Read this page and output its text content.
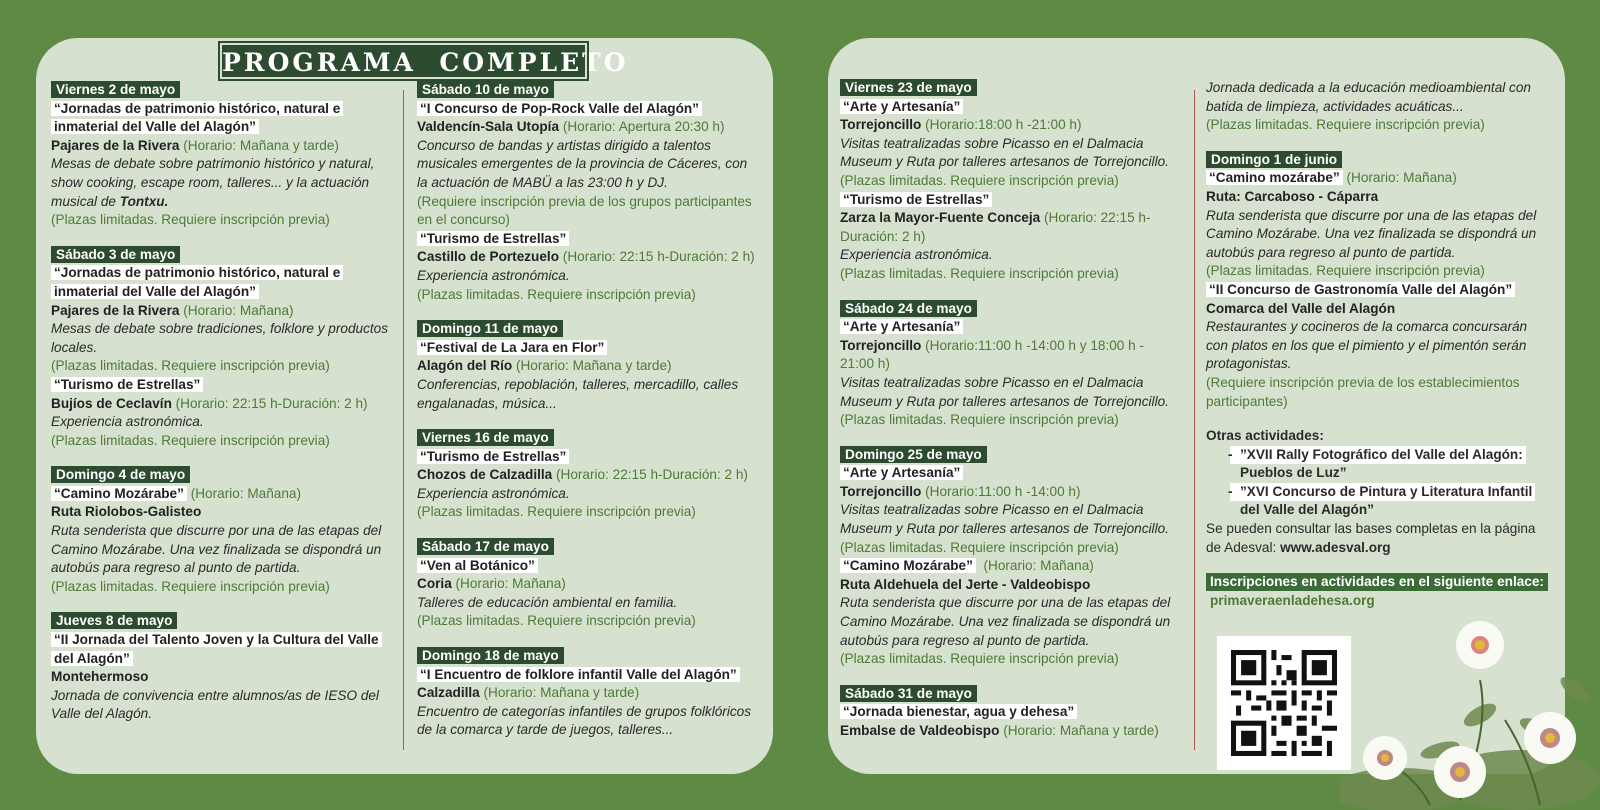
PROGRAMA  COMPLETO
Viernes 2 de mayo
“Jornadas de patrimonio histórico, natural e
inmaterial del Valle del Alagón”
Pajares de la Rivera (Horario: Mañana y tarde)
Mesas de debate sobre patrimonio histórico y natural,
show cooking, escape room, talleres... y la actuación
musical de Tontxu.
(Plazas limitadas. Requiere inscripción previa)
Sábado 3 de mayo
“Jornadas de patrimonio histórico, natural e
inmaterial del Valle del Alagón”
Pajares de la Rivera (Horario: Mañana)
Mesas de debate sobre tradiciones, folklore y productos
locales.
(Plazas limitadas. Requiere inscripción previa)
“Turismo de Estrellas”
Bujíos de Ceclavín (Horario: 22:15 h-Duración: 2 h)
Experiencia astronómica.
(Plazas limitadas. Requiere inscripción previa)
Domingo 4 de mayo
“Camino Mozárabe” (Horario: Mañana)
Ruta Riolobos-Galisteo
Ruta senderista que discurre por una de las etapas del
Camino Mozárabe. Una vez finalizada se dispondrá un
autobús para regreso al punto de partida.
(Plazas limitadas. Requiere inscripción previa)
Jueves 8 de mayo
“II Jornada del Talento Joven y la Cultura del Valle
del Alagón”
Montehermoso
Jornada de convivencia entre alumnos/as de IESO del
Valle del Alagón.
Sábado 10 de mayo
“I Concurso de Pop-Rock Valle del Alagón”
Valdencín-Sala Utopía (Horario: Apertura 20:30 h)
Concurso de bandas y artistas dirigido a talentos
musicales emergentes de la provincia de Cáceres, con
la actuación de MABÜ a las 23:00 h y DJ.
(Requiere inscripción previa de los grupos participantes
en el concurso)
“Turismo de Estrellas”
Castillo de Portezuelo (Horario: 22:15 h-Duración: 2 h)
Experiencia astronómica.
(Plazas limitadas. Requiere inscripción previa)
Domingo 11 de mayo
“Festival de La Jara en Flor”
Alagón del Río (Horario: Mañana y tarde)
Conferencias, repoblación, talleres, mercadillo, calles
engalanadas, música...
Viernes 16 de mayo
“Turismo de Estrellas”
Chozos de Calzadilla (Horario: 22:15 h-Duración: 2 h)
Experiencia astronómica.
(Plazas limitadas. Requiere inscripción previa)
Sábado 17 de mayo
“Ven al Botánico”
Coria (Horario: Mañana)
Talleres de educación ambiental en familia.
(Plazas limitadas. Requiere inscripción previa)
Domingo 18 de mayo
“I Encuentro de folklore infantil Valle del Alagón”
Calzadilla (Horario: Mañana y tarde)
Encuentro de categorías infantiles de grupos folklóricos
de la comarca y tarde de juegos, talleres...
Viernes 23 de mayo
“Arte y Artesanía”
Torrejoncillo (Horario:18:00 h -21:00 h)
Visitas teatralizadas sobre Picasso en el Dalmacia
Museum y Ruta por talleres artesanos de Torrejoncillo.
(Plazas limitadas. Requiere inscripción previa)
“Turismo de Estrellas”
Zarza la Mayor-Fuente Conceja (Horario: 22:15 h-
Duración: 2 h)
Experiencia astronómica.
(Plazas limitadas. Requiere inscripción previa)
Sábado 24 de mayo
“Arte y Artesanía”
Torrejoncillo (Horario:11:00 h -14:00 h y 18:00 h -
21:00 h)
Visitas teatralizadas sobre Picasso en el Dalmacia
Museum y Ruta por talleres artesanos de Torrejoncillo.
(Plazas limitadas. Requiere inscripción previa)
Domingo 25 de mayo
“Arte y Artesanía”
Torrejoncillo (Horario:11:00 h -14:00 h)
Visitas teatralizadas sobre Picasso en el Dalmacia
Museum y Ruta por talleres artesanos de Torrejoncillo.
(Plazas limitadas. Requiere inscripción previa)
“Camino Mozárabe”  (Horario: Mañana)
Ruta Aldehuela del Jerte - Valdeobispo
Ruta senderista que discurre por una de las etapas del
Camino Mozárabe. Una vez finalizada se dispondrá un
autobús para regreso al punto de partida.
(Plazas limitadas. Requiere inscripción previa)
Sábado 31 de mayo
“Jornada bienestar, agua y dehesa”
Embalse de Valdeobispo (Horario: Mañana y tarde)
Jornada dedicada a la educación medioambiental con
batida de limpieza, actividades acuáticas...
(Plazas limitadas. Requiere inscripción previa)
Domingo 1 de junio
“Camino mozárabe” (Horario: Mañana)
Ruta: Carcaboso - Cáparra
Ruta senderista que discurre por una de las etapas del
Camino Mozárabe. Una vez finalizada se dispondrá un
autobús para regreso al punto de partida.
(Plazas limitadas. Requiere inscripción previa)
“II Concurso de Gastronomía Valle del Alagón”
Comarca del Valle del Alagón
Restaurantes y cocineros de la comarca concursarán
con platos en los que el pimiento y el pimentón serán
protagonistas.
(Requiere inscripción previa de los establecimientos
participantes)
Otras actividades:
- ”XVII Rally Fotográfico del Valle del Alagón:
Pueblos de Luz”
- ”XVI Concurso de Pintura y Literatura Infantil
del Valle del Alagón”
Se pueden consultar las bases completas en la página
de Adesval: www.adesval.org
Inscripciones en actividades en el siguiente enlace:
primaveraenladehesa.org
